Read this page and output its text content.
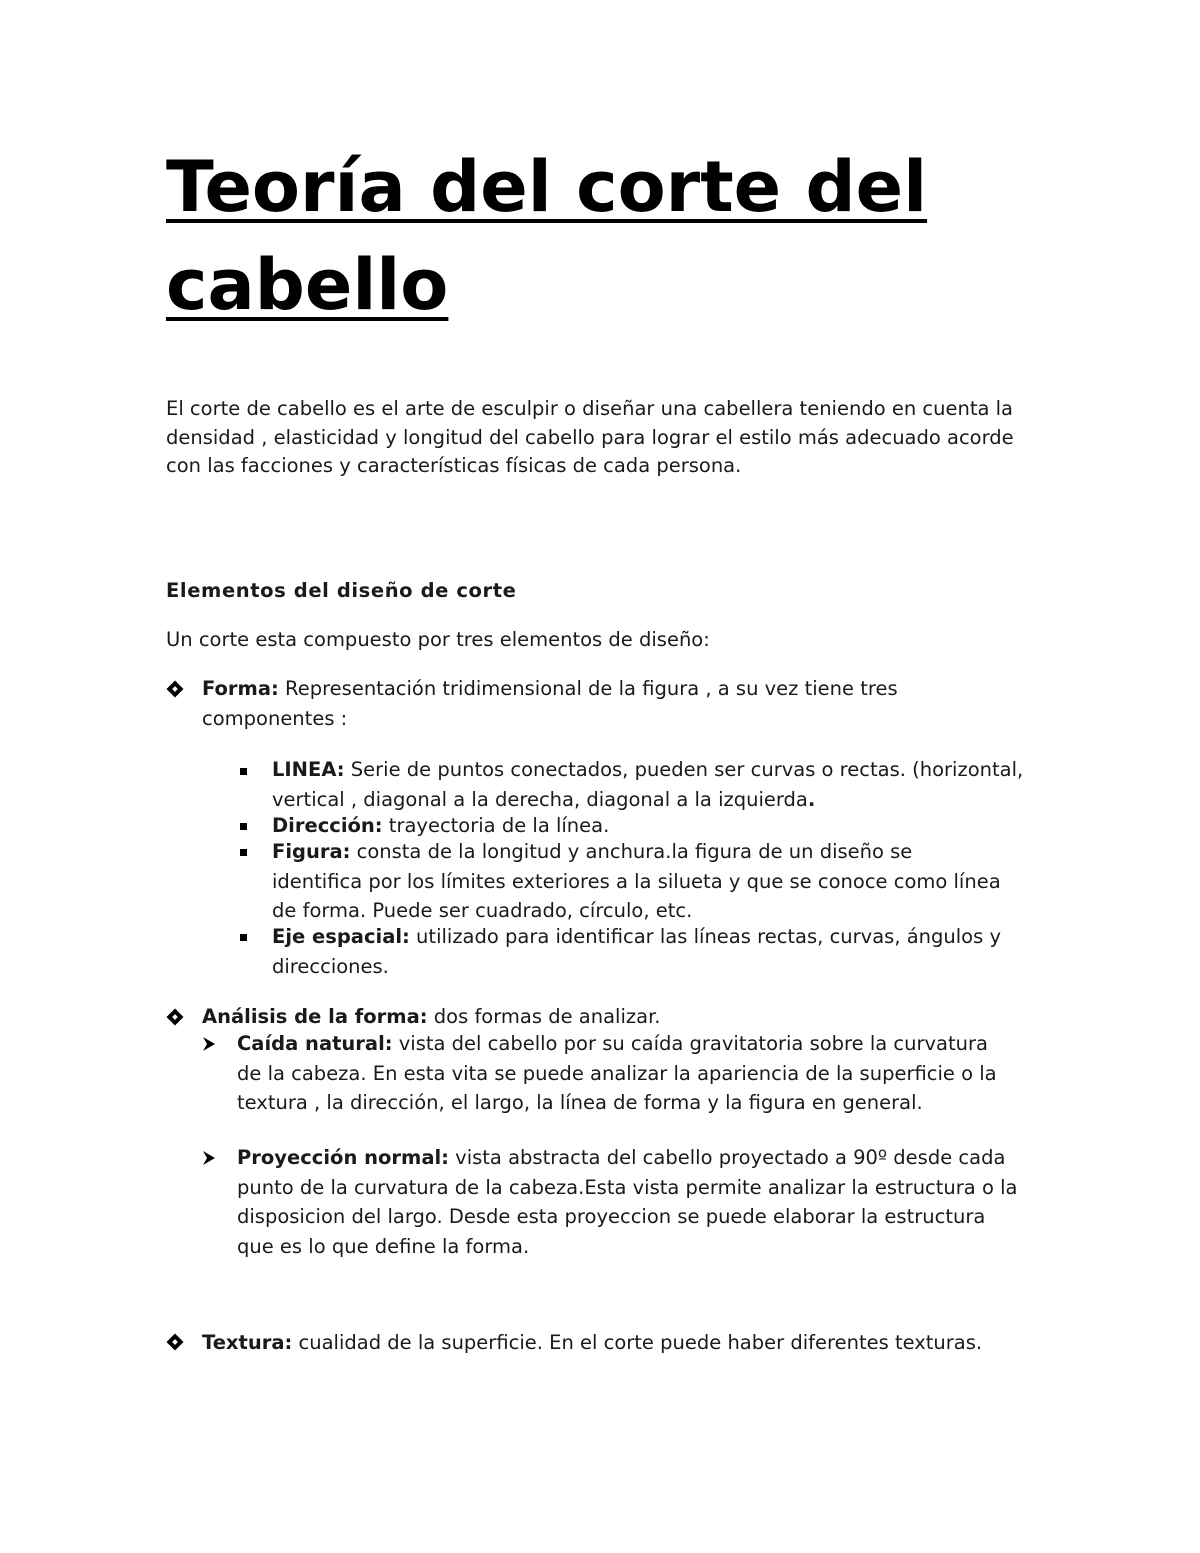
Teoría del corte del
cabello

El corte de cabello es el arte de esculpir o diseñar una cabellera teniendo en cuenta la densidad , elasticidad y longitud del cabello para lograr el estilo más adecuado acorde con las facciones y características físicas de cada persona.

Elementos del diseño de corte

Un corte esta compuesto por tres elementos de diseño:

Forma: Representación tridimensional de la figura , a su vez tiene tres componentes :

LINEA: Serie de puntos conectados, pueden ser curvas o rectas. (horizontal, vertical , diagonal a la derecha, diagonal a la izquierda.

Dirección: trayectoria de la línea.

Figura: consta de la longitud y anchura.la figura de un diseño se identifica por los límites exteriores a la silueta y que se conoce como línea de forma. Puede ser cuadrado, círculo, etc.

Eje espacial: utilizado para identificar las líneas rectas, curvas, ángulos y direcciones.

Análisis de la forma: dos formas de analizar.

Caída natural: vista del cabello por su caída gravitatoria sobre la curvatura de la cabeza. En esta vita se puede analizar la apariencia de la superficie o la textura , la dirección, el largo, la línea de forma y la figura en general.

Proyección normal: vista abstracta del cabello proyectado a 90º desde cada punto de la curvatura de la cabeza.Esta vista permite analizar la estructura o la disposicion del largo. Desde esta proyeccion se puede elaborar la estructura que es lo que define la forma.

Textura: cualidad de la superficie. En el corte puede haber diferentes texturas.
